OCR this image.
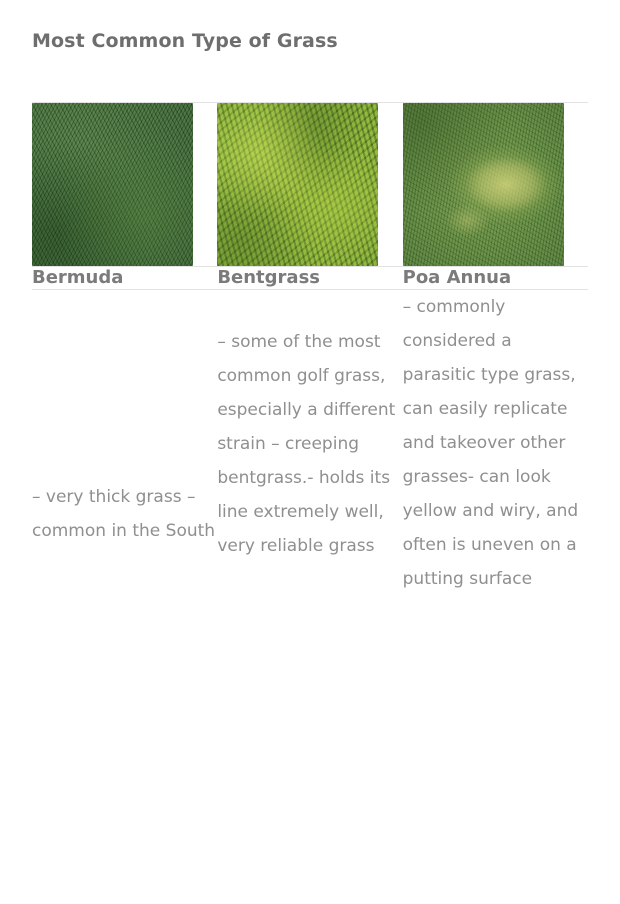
Most Common Type of Grass

Bermuda	Bentgrass	Poa Annua

– very thick grass – common in the South	– some of the most common golf grass, especially a different strain – creeping bentgrass.- holds its line extremely well, very reliable grass	– commonly considered a parasitic type grass, can easily replicate and takeover other grasses- can look yellow and wiry, and often is uneven on a putting surface
